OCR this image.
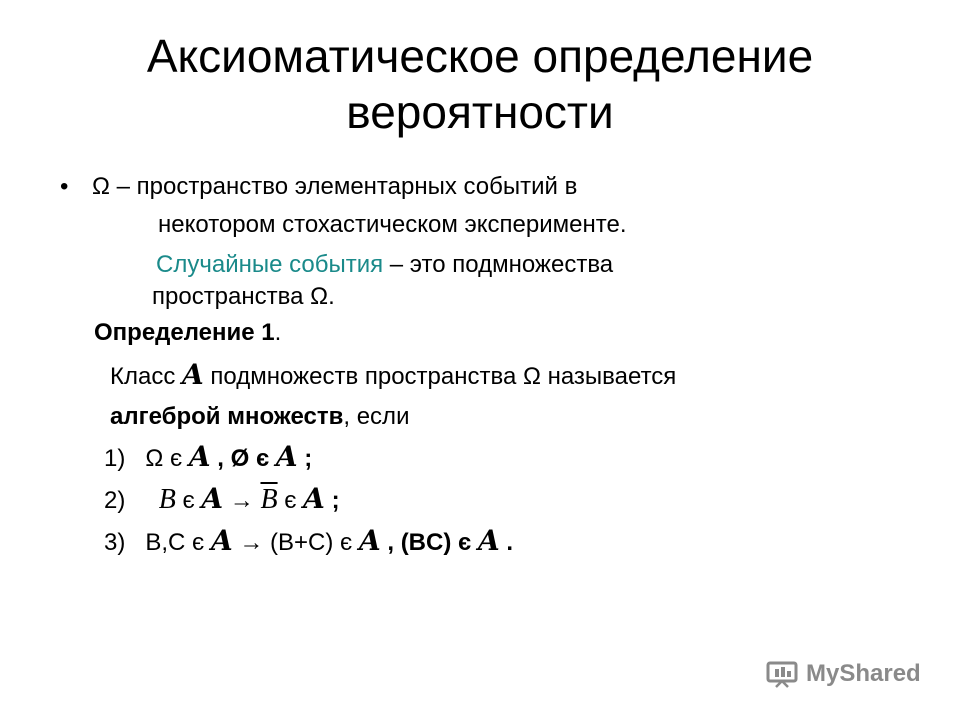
Аксиоматическое определение
вероятности
• Ω – пространство элементарных событий в
некотором стохастическом эксперименте.
Случайные события – это подмножества
пространства Ω.
Определение 1.
Класс A подмножеств пространства Ω называется
алгеброй множеств, если
1) Ω є A , Ø є A ;
2) B є $A \to \overline{B}$ є A ;
3) B,C є A → (B+C) є A , (BC) є A .
MyShared
